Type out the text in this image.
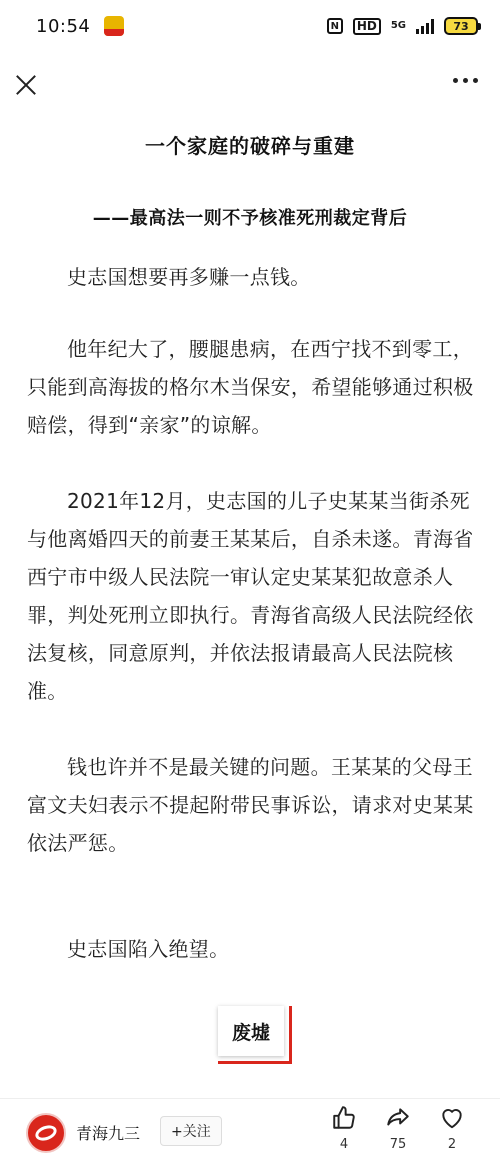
10:54	N	HD	5G	73
一个家庭的破碎与重建
——最高法一则不予核准死刑裁定背后

史志国想要再多赚一点钱。

他年纪大了，腰腿患病，在西宁找不到零工，只能到高海拔的格尔木当保安，希望能够通过积极赔偿，得到“亲家”的谅解。

2021年12月，史志国的儿子史某某当街杀死与他离婚四天的前妻王某某后，自杀未遂。青海省西宁市中级人民法院一审认定史某某犯故意杀人罪，判处死刑立即执行。青海省高级人民法院经依法复核，同意原判，并依法报请最高人民法院核准。

钱也许并不是最关键的问题。王某某的父母王富文夫妇表示不提起附带民事诉讼，请求对史某某依法严惩。

史志国陷入绝望。

废墟
青海九三	+关注
4	75	2
